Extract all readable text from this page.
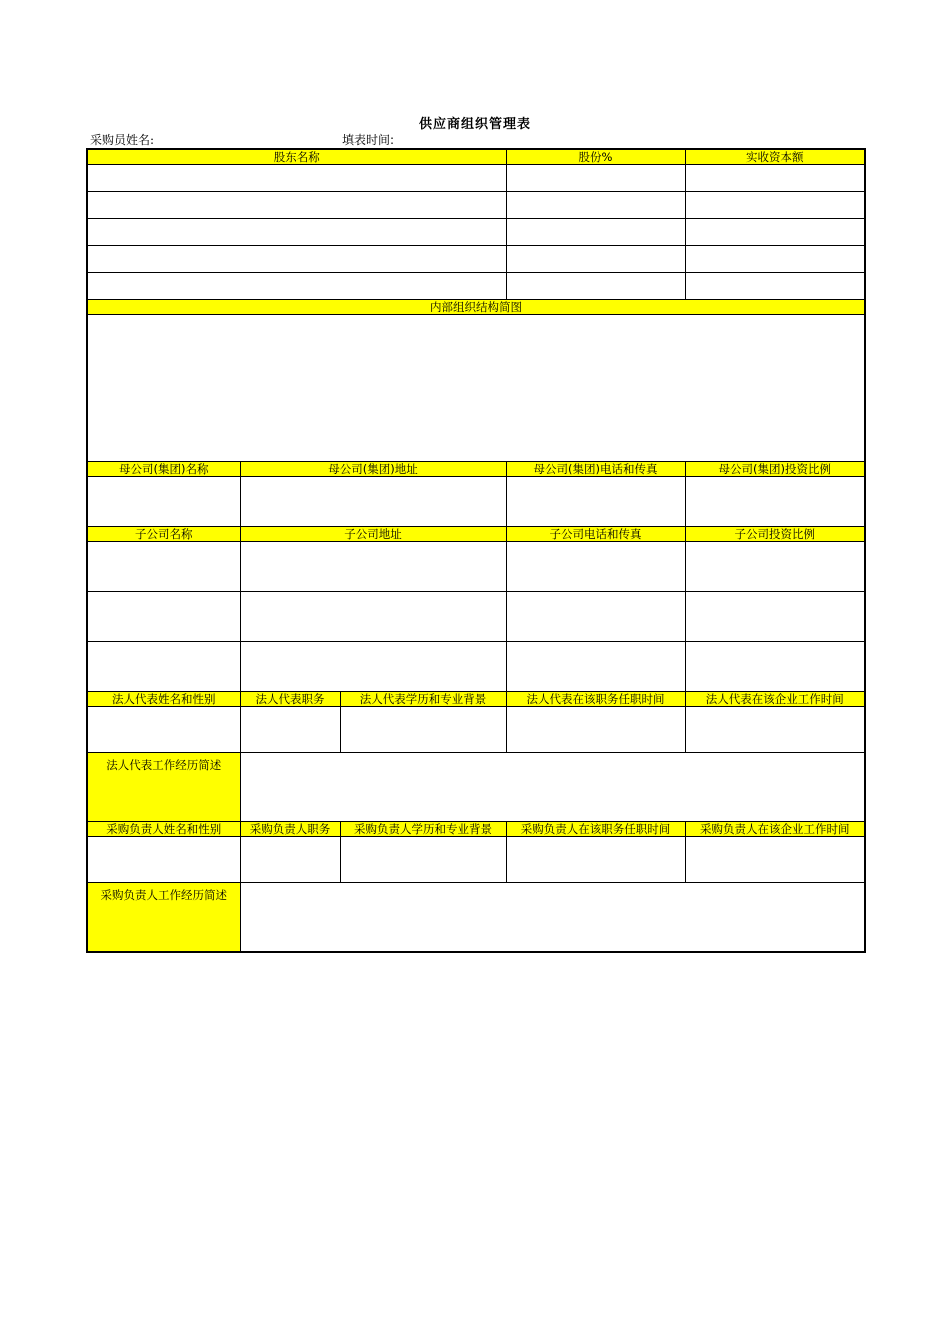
供应商组织管理表
采购员姓名:	填表时间:
股东名称			股份%	实收资本额

内部组织结构简图				

母公司(集团)名称	母公司(集团)地址		母公司(集团)电话和传真	母公司(集团)投资比例

子公司名称	子公司地址		子公司电话和传真	子公司投资比例

法人代表姓名和性别	法人代表职务	法人代表学历和专业背景	法人代表在该职务任职时间	法人代表在该企业工作时间

法人代表工作经历简述				
采购负责人姓名和性别	采购负责人职务	采购负责人学历和专业背景	采购负责人在该职务任职时间	采购负责人在该企业工作时间

采购负责人工作经历简述				
